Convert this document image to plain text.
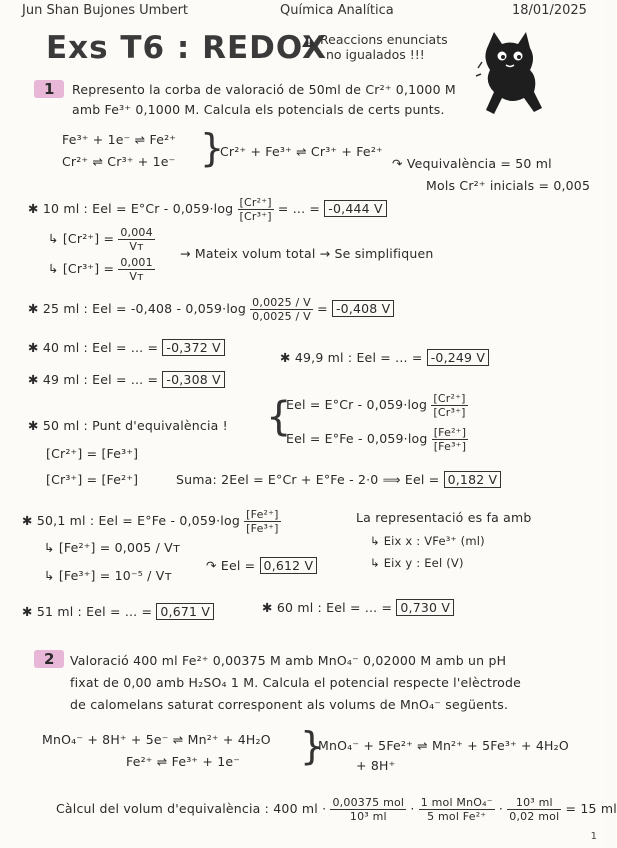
Jun Shan Bujones Umbert	Química Analítica	18/01/2025
Exs T6 : REDOX
!Reaccions enunciats
no igualados !!!
1	Represento la corba de valoració de 50ml de Cr²⁺ 0,1000 M
amb Fe³⁺ 0,1000 M. Calcula els potencials de certs punts.
Fe³⁺ + 1e⁻ ⇌ Fe²⁺
Cr²⁺ ⇌ Cr³⁺ + 1e⁻ }
Cr²⁺ + Fe³⁺ ⇌ Cr³⁺ + Fe²⁺
↷ Vequivalència = 50 ml
Mols Cr²⁺ inicials = 0,005
✱ 10 ml : Eel = $E^\circ Cr - 0,059\cdot\log \frac{\text{[Cr²⁺]}}{\text{[Cr³⁺]}}$ = ... = -0,444 V
↳ $[Cr^{2+}] = \frac{0,004}{Vт}$
↳ $[Cr^{3+}] = \frac{0,001}{Vт}$
→ Mateix volum total → Se simplifiquen
✱ 25 ml : Eel = $-0,408 - 0,059\cdot\log \frac{0,0025 / V}{0,0025 / V} = -0,408$ V
✱ 40 ml : Eel = ... = -0,372 V
✱ 49,9 ml : Eel = ... = -0,249 V
✱ 49 ml : Eel = ... = -0,308 V
✱ 50 ml : Punt d'equivalència ! {
Eel = $E^\circ Cr - 0,059\cdot\log \frac{\text{[Cr²⁺]}}{\text{[Cr³⁺]}}$
Eel = $E^\circ Fe - 0,059\cdot\log \frac{\text{[Fe²⁺]}}{\text{[Fe³⁺]}}$
[Cr²⁺] = [Fe³⁺]
[Cr³⁺] = [Fe²⁺]	Suma: 2Eel = E°Cr + E°Fe - 2·0 ⟹ Eel = 0,182 V
✱ 50,1 ml : Eel = $E^\circ Fe - 0,059\cdot\log \frac{\text{[Fe²⁺]}}{\text{[Fe³⁺]}}$
↳ [Fe²⁺] = 0,005 / Vт
↳ [Fe³⁺] = 10⁻⁵ / Vт
↷ Eel = 0,612 V
La representació es fa amb
↳ Eix x : VFe³⁺ (ml)
↳ Eix y : Eel (V)
✱ 51 ml : Eel = ... = 0,671 V	✱ 60 ml : Eel = ... = 0,730 V
2	Valoració 400 ml Fe²⁺ 0,00375 M amb MnO₄⁻ 0,02000 M amb un pH
fixat de 0,00 amb H₂SO₄ 1 M. Calcula el potencial respecte l'elèctrode
de calomelans saturat corresponent als volums de MnO₄⁻ següents.
MnO₄⁻ + 8H⁺ + 5e⁻ ⇌ Mn²⁺ + 4H₂O
Fe²⁺ ⇌ Fe³⁺ + 1e⁻ }
MnO₄⁻ + 5Fe²⁺ ⇌ Mn²⁺ + 5Fe³⁺ + 4H₂O
+ 8H⁺
Càlcul del volum d'equivalència : 400 ml · $\frac{\text{0,00375 mol}}{\text{10³ ml}} \cdot \frac{\text{1 mol MnO₄⁻}}{\text{5 mol Fe²⁺}} \cdot \frac{\text{10³ ml}}{\text{0,02 mol}} = 15$ ml
1
